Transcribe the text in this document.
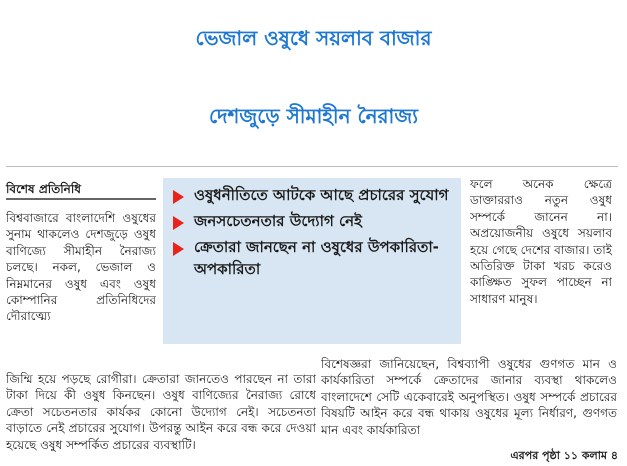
ভেজাল ওষুধে সয়লাব বাজার
দেশজুড়ে সীমাহীন নৈরাজ্য
বিশেষ প্রতিনিধি
বিশ্ববাজারে বাংলাদেশি ওষুধের সুনাম থাকলেও দেশজুড়ে ওষুধ বাণিজ্যে সীমাহীন নৈরাজ্য চলছে। নকল, ভেজাল ও নিম্নমানের ওষুধ এবং ওষুধ কোম্পানির প্রতিনিধিদের দৌরাত্ম্যে
ওষুধনীতিতে আটকে আছে প্রচারের সুযোগ
জনসচেতনতার উদ্যোগ নেই
ক্রেতারা জানছেন না ওষুধের উপকারিতা-অপকারিতা
ফলে অনেক ক্ষেত্রে ডাক্তাররাও নতুন ওষুধ সম্পর্কে জানেন না। অপ্রয়োজনীয় ওষুধে সয়লাব হয়ে গেছে দেশের বাজার। তাই অতিরিক্ত টাকা খরচ করেও কাঙ্ক্ষিত সুফল পাচ্ছেন না সাধারণ মানুষ।
জিম্মি হয়ে পড়ছে রোগীরা। ক্রেতারা জানতেও পারছেন না তারা টাকা দিয়ে কী ওষুধ কিনছেন। ওষুধ বাণিজ্যের নৈরাজ্য রোধে ক্রেতা সচেতনতার কার্যকর কোনো উদ্যোগ নেই। সচেতনতা বাড়াতে নেই প্রচারের সুযোগ। উপরন্তু আইন করে বন্ধ করে দেওয়া হয়েছে ওষুধ সম্পর্কিত প্রচারের ব্যবস্থাটি।
বিশেষজ্ঞরা জানিয়েছেন, বিশ্বব্যাপী ওষুধের গুণগত মান ও কার্যকারিতা সম্পর্কে ক্রেতাদের জানার ব্যবস্থা থাকলেও বাংলাদেশে সেটি একেবারেই অনুপস্থিত। ওষুধ সম্পর্কে প্রচারের বিষয়টি আইন করে বন্ধ থাকায় ওষুধের মূল্য নির্ধারণ, গুণগত মান এবং কার্যকারিতা
এরপর পৃষ্ঠা ১১ কলাম ৪
